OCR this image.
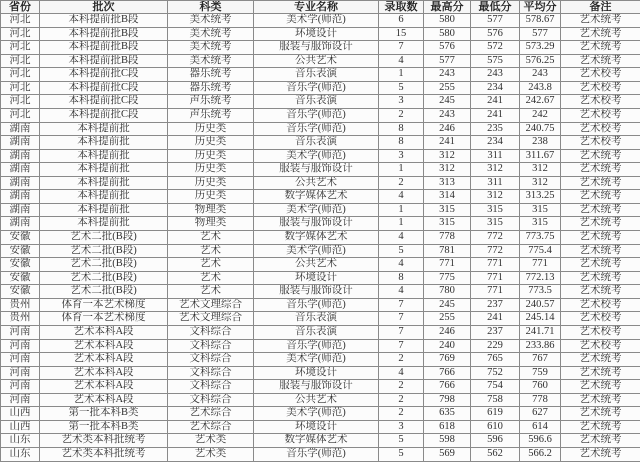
省份	批次	科类	专业名称	录取数	最高分	最低分	平均分	备注
河北	本科提前批B段	美术统考	美术学(师范)	6	580	577	578.67	艺术统考
河北	本科提前批B段	美术统考	环境设计	15	580	576	577	艺术统考
河北	本科提前批B段	美术统考	服装与服饰设计	7	576	572	573.29	艺术统考
河北	本科提前批B段	美术统考	公共艺术	4	577	575	576.25	艺术统考
河北	本科提前批C段	器乐统考	音乐表演	1	243	243	243	艺术校考
河北	本科提前批C段	器乐统考	音乐学(师范)	5	255	234	243.8	艺术校考
河北	本科提前批C段	声乐统考	音乐表演	3	245	241	242.67	艺术校考
河北	本科提前批C段	声乐统考	音乐学(师范)	2	243	241	242	艺术校考
湖南	本科提前批	历史类	音乐学(师范)	8	246	235	240.75	艺术校考
湖南	本科提前批	历史类	音乐表演	8	241	234	238	艺术校考
湖南	本科提前批	历史类	美术学(师范)	3	312	311	311.67	艺术统考
湖南	本科提前批	历史类	服装与服饰设计	1	312	312	312	艺术统考
湖南	本科提前批	历史类	公共艺术	2	313	311	312	艺术统考
湖南	本科提前批	历史类	数字媒体艺术	4	314	312	313.25	艺术统考
湖南	本科提前批	物理类	美术学(师范)	1	315	315	315	艺术统考
湖南	本科提前批	物理类	服装与服饰设计	1	315	315	315	艺术统考
安徽	艺术二批(B段)	艺术	数字媒体艺术	4	778	772	773.75	艺术统考
安徽	艺术二批(B段)	艺术	美术学(师范)	5	781	772	775.4	艺术统考
安徽	艺术二批(B段)	艺术	公共艺术	4	771	771	771	艺术统考
安徽	艺术二批(B段)	艺术	环境设计	8	775	771	772.13	艺术统考
安徽	艺术二批(B段)	艺术	服装与服饰设计	4	780	771	773.5	艺术统考
贵州	体育一本艺术梯度	艺术文理综合	音乐学(师范)	7	245	237	240.57	艺术校考
贵州	体育一本艺术梯度	艺术文理综合	音乐表演	7	255	241	245.14	艺术校考
河南	艺术本科A段	文科综合	音乐表演	7	246	237	241.71	艺术校考
河南	艺术本科A段	文科综合	音乐学(师范)	7	240	229	233.86	艺术校考
河南	艺术本科A段	文科综合	美术学(师范)	2	769	765	767	艺术统考
河南	艺术本科A段	文科综合	环境设计	4	766	752	759	艺术统考
河南	艺术本科A段	文科综合	服装与服饰设计	2	766	754	760	艺术统考
河南	艺术本科A段	文科综合	公共艺术	2	798	758	778	艺术统考
山西	第一批本科B类	艺术综合	美术学(师范)	2	635	619	627	艺术统考
山西	第一批本科B类	艺术综合	环境设计	3	618	610	614	艺术统考
山东	艺术类本科批统考	艺术类	数字媒体艺术	5	598	596	596.6	艺术统考
山东	艺术类本科批统考	艺术类	音乐学(师范)	5	569	562	566.2	艺术统考
